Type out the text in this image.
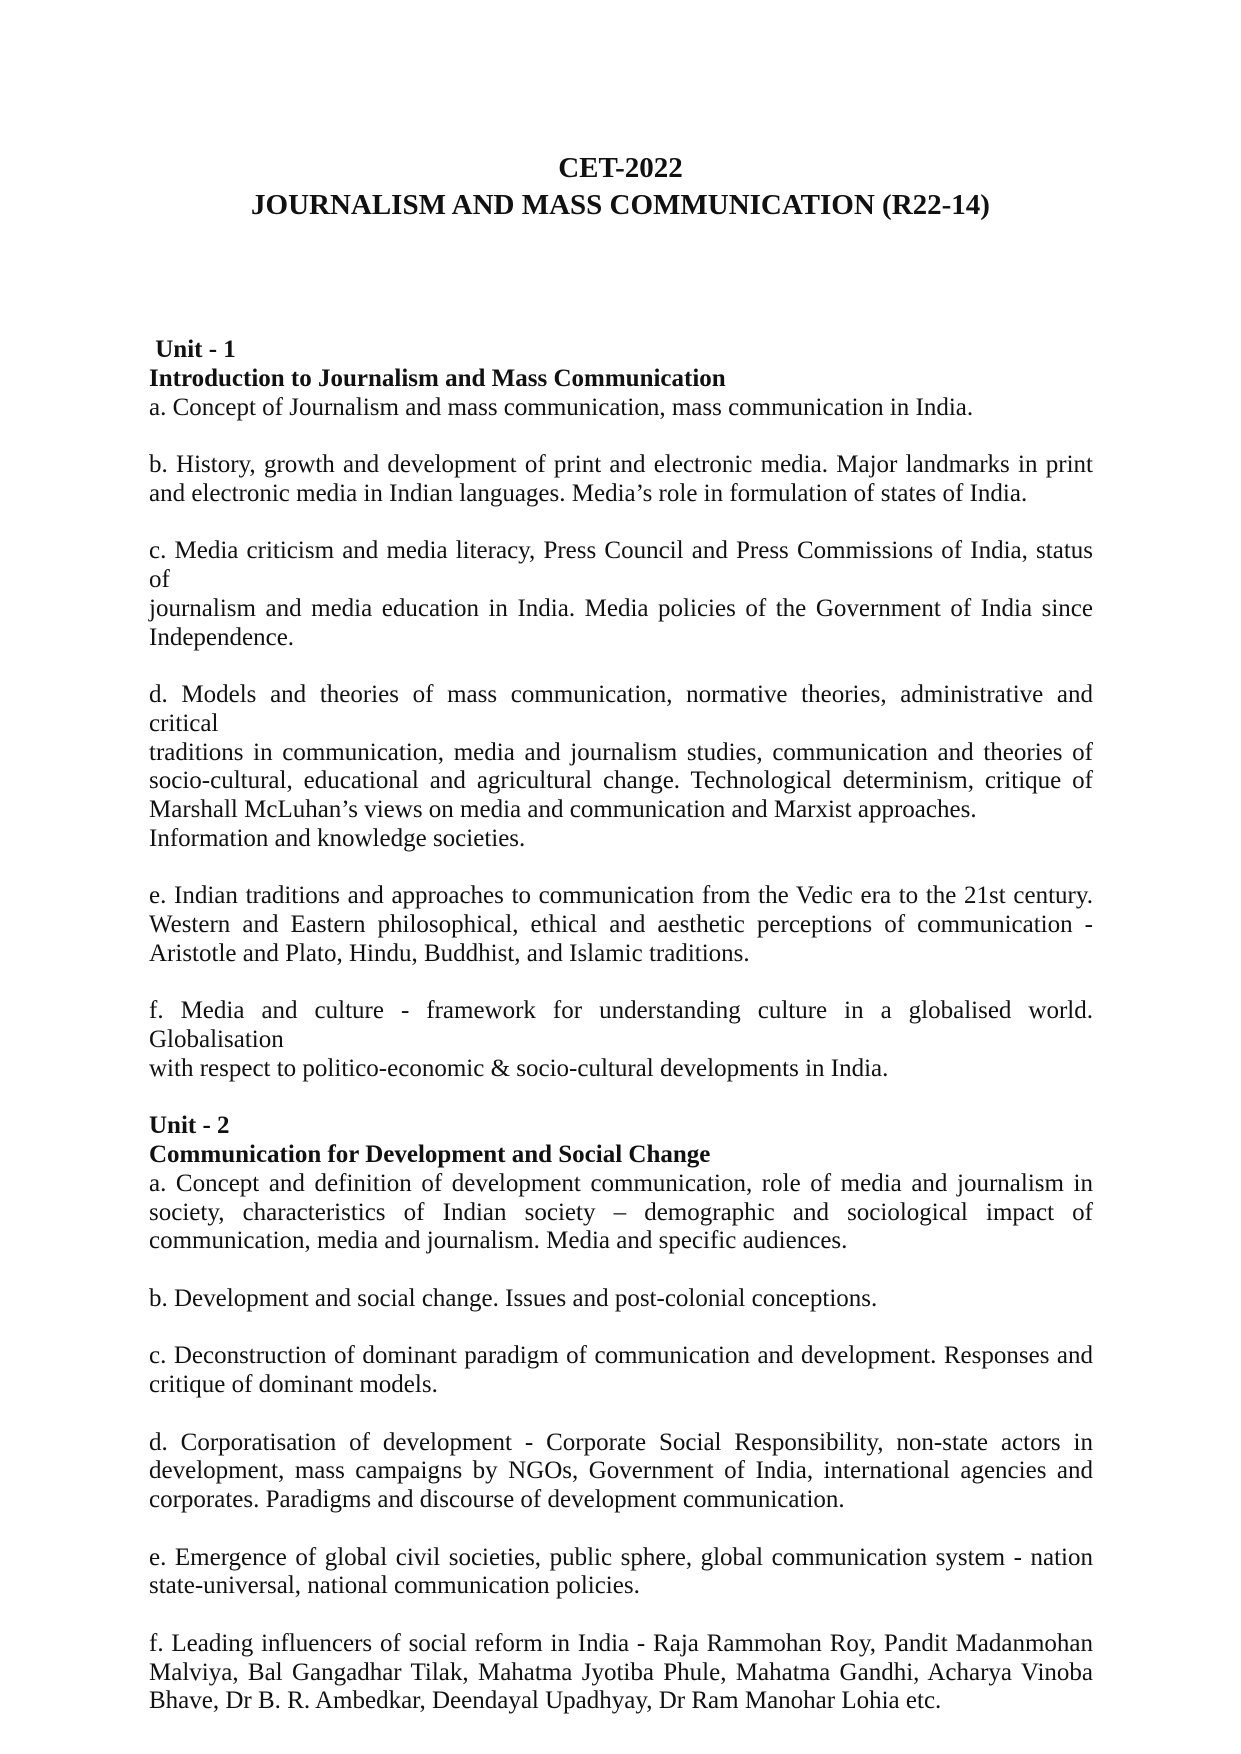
CET-2022
JOURNALISM AND MASS COMMUNICATION (R22-14)
Unit - 1
Introduction to Journalism and Mass Communication
a. Concept of Journalism and mass communication, mass communication in India.
b. History, growth and development of print and electronic media. Major landmarks in print
and electronic media in Indian languages. Media’s role in formulation of states of India.
c. Media criticism and media literacy, Press Council and Press Commissions of India, status of
journalism and media education in India. Media policies of the Government of India since
Independence.
d. Models and theories of mass communication, normative theories, administrative and critical
traditions in communication, media and journalism studies, communication and theories of
socio-cultural, educational and agricultural change. Technological determinism, critique of
Marshall McLuhan’s views on media and communication and Marxist approaches.
Information and knowledge societies.
e. Indian traditions and approaches to communication from the Vedic era to the 21st century.
Western and Eastern philosophical, ethical and aesthetic perceptions of communication -
Aristotle and Plato, Hindu, Buddhist, and Islamic traditions.
f. Media and culture - framework for understanding culture in a globalised world. Globalisation
with respect to politico-economic & socio-cultural developments in India.
Unit - 2
Communication for Development and Social Change
a. Concept and definition of development communication, role of media and journalism in
society, characteristics of Indian society – demographic and sociological impact of
communication, media and journalism. Media and specific audiences.
b. Development and social change. Issues and post-colonial conceptions.
c. Deconstruction of dominant paradigm of communication and development. Responses and
critique of dominant models.
d. Corporatisation of development - Corporate Social Responsibility, non-state actors in
development, mass campaigns by NGOs, Government of India, international agencies and
corporates. Paradigms and discourse of development communication.
e. Emergence of global civil societies, public sphere, global communication system - nation
state-universal, national communication policies.
f. Leading influencers of social reform in India - Raja Rammohan Roy, Pandit Madanmohan
Malviya, Bal Gangadhar Tilak, Mahatma Jyotiba Phule, Mahatma Gandhi, Acharya Vinoba
Bhave, Dr B. R. Ambedkar, Deendayal Upadhyay, Dr Ram Manohar Lohia etc.
